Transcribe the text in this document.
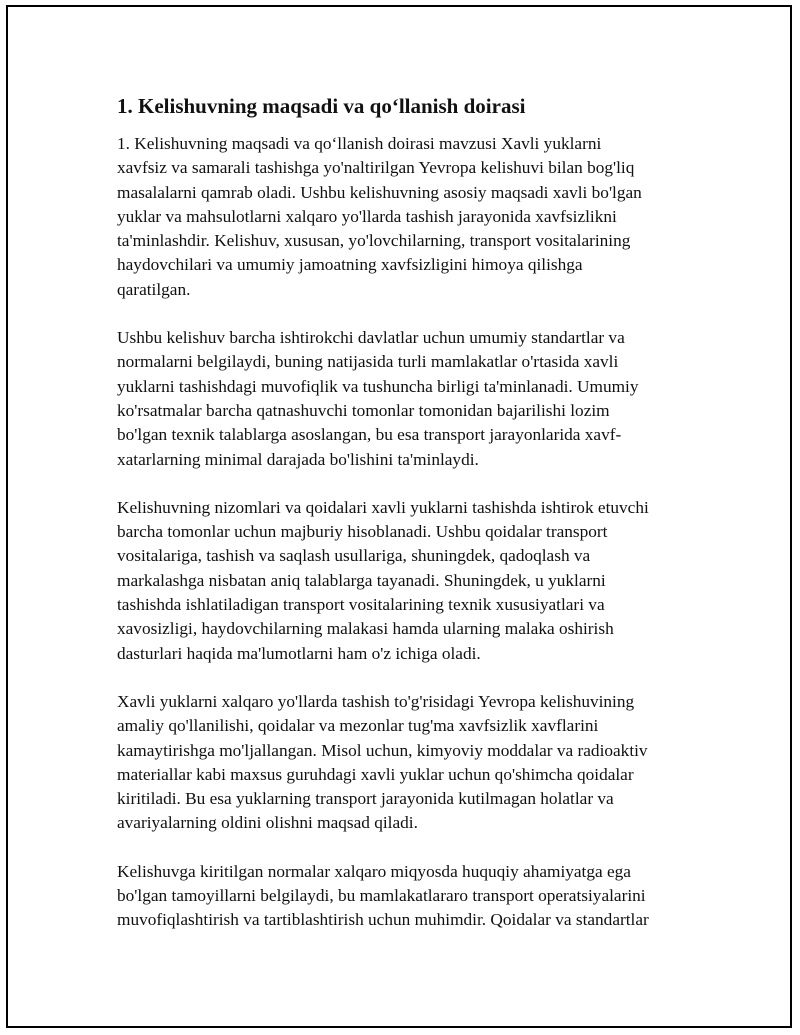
1. Kelishuvning maqsadi va qo‘llanish doirasi
1. Kelishuvning maqsadi va qo‘llanish doirasi mavzusi Xavli yuklarni
xavfsiz va samarali tashishga yo'naltirilgan Yevropa kelishuvi bilan bog'liq
masalalarni qamrab oladi. Ushbu kelishuvning asosiy maqsadi xavli bo'lgan
yuklar va mahsulotlarni xalqaro yo'llarda tashish jarayonida xavfsizlikni
ta'minlashdir. Kelishuv, xususan, yo'lovchilarning, transport vositalarining
haydovchilari va umumiy jamoatning xavfsizligini himoya qilishga
qaratilgan.
Ushbu kelishuv barcha ishtirokchi davlatlar uchun umumiy standartlar va
normalarni belgilaydi, buning natijasida turli mamlakatlar o'rtasida xavli
yuklarni tashishdagi muvofiqlik va tushuncha birligi ta'minlanadi. Umumiy
ko'rsatmalar barcha qatnashuvchi tomonlar tomonidan bajarilishi lozim
bo'lgan texnik talablarga asoslangan, bu esa transport jarayonlarida xavf-
xatarlarning minimal darajada bo'lishini ta'minlaydi.
Kelishuvning nizomlari va qoidalari xavli yuklarni tashishda ishtirok etuvchi
barcha tomonlar uchun majburiy hisoblanadi. Ushbu qoidalar transport
vositalariga, tashish va saqlash usullariga, shuningdek, qadoqlash va
markalashga nisbatan aniq talablarga tayanadi. Shuningdek, u yuklarni
tashishda ishlatiladigan transport vositalarining texnik xususiyatlari va
xavosizligi, haydovchilarning malakasi hamda ularning malaka oshirish
dasturlari haqida ma'lumotlarni ham o'z ichiga oladi.
Xavli yuklarni xalqaro yo'llarda tashish to'g'risidagi Yevropa kelishuvining
amaliy qo'llanilishi, qoidalar va mezonlar tug'ma xavfsizlik xavflarini
kamaytirishga mo'ljallangan. Misol uchun, kimyoviy moddalar va radioaktiv
materiallar kabi maxsus guruhdagi xavli yuklar uchun qo'shimcha qoidalar
kiritiladi. Bu esa yuklarning transport jarayonida kutilmagan holatlar va
avariyalarning oldini olishni maqsad qiladi.
Kelishuvga kiritilgan normalar xalqaro miqyosda huquqiy ahamiyatga ega
bo'lgan tamoyillarni belgilaydi, bu mamlakatlararo transport operatsiyalarini
muvofiqlashtirish va tartiblashtirish uchun muhimdir. Qoidalar va standartlar
